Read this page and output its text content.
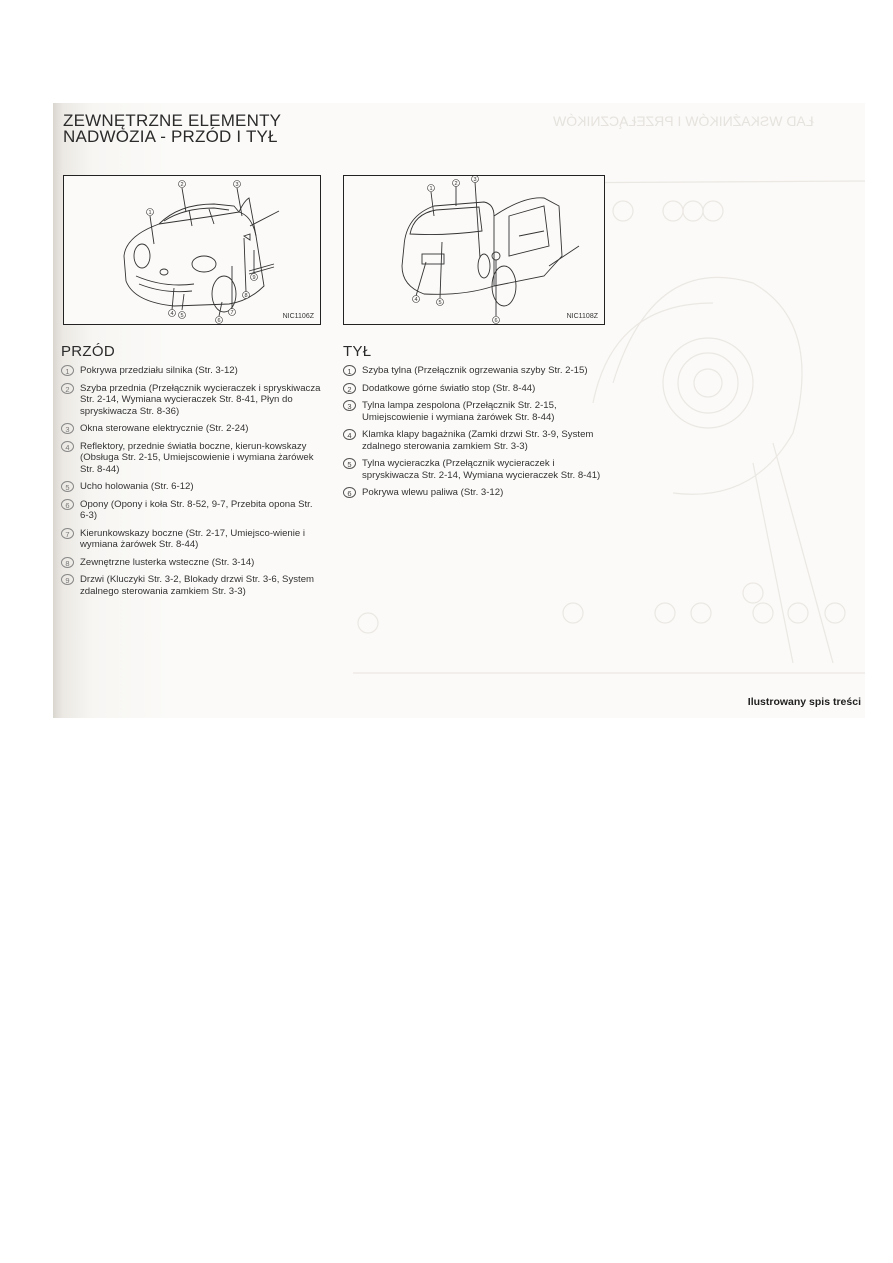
ŁAD WSKAŹNIKÓW I PRZEŁĄCZNIKÓW
ZEWNĘTRZNE ELEMENTY
NADWOZIA - PRZÓD I TYŁ
1
2	3
4 5
6
7
8
9
NIC1106Z
1
2
3
4	5
6
NIC1108Z
PRZÓD
1	Pokrywa przedziału silnika (Str. 3-12)
2	Szyba przednia (Przełącznik wycieraczek i spryskiwacza Str. 2-14, Wymiana wycieraczek Str. 8-41, Płyn do spryskiwacza Str. 8-36)
3	Okna sterowane elektrycznie (Str. 2-24)
4	Reflektory, przednie światła boczne, kierun-kowskazy (Obsługa Str. 2-15, Umiejscowienie i wymiana żarówek Str. 8-44)
5	Ucho holowania (Str. 6-12)
6	Opony (Opony i koła Str. 8-52, 9-7, Przebita opona Str. 6-3)
7	Kierunkowskazy boczne (Str. 2-17, Umiejsco-wienie i wymiana żarówek Str. 8-44)
8	Zewnętrzne lusterka wsteczne (Str. 3-14)
9	Drzwi (Kluczyki Str. 3-2, Blokady drzwi Str. 3-6, System zdalnego sterowania zamkiem Str. 3-3)
TYŁ
1	Szyba tylna (Przełącznik ogrzewania szyby Str. 2-15)
2	Dodatkowe górne światło stop (Str. 8-44)
3	Tylna lampa zespolona (Przełącznik Str. 2-15, Umiejscowienie i wymiana żarówek Str. 8-44)
4	Klamka klapy bagażnika (Zamki drzwi Str. 3-9, System zdalnego sterowania zamkiem Str. 3-3)
5	Tylna wycieraczka (Przełącznik wycieraczek i spryskiwacza Str. 2-14, Wymiana wycieraczek Str. 8-41)
6	Pokrywa wlewu paliwa (Str. 3-12)
Ilustrowany spis treści
